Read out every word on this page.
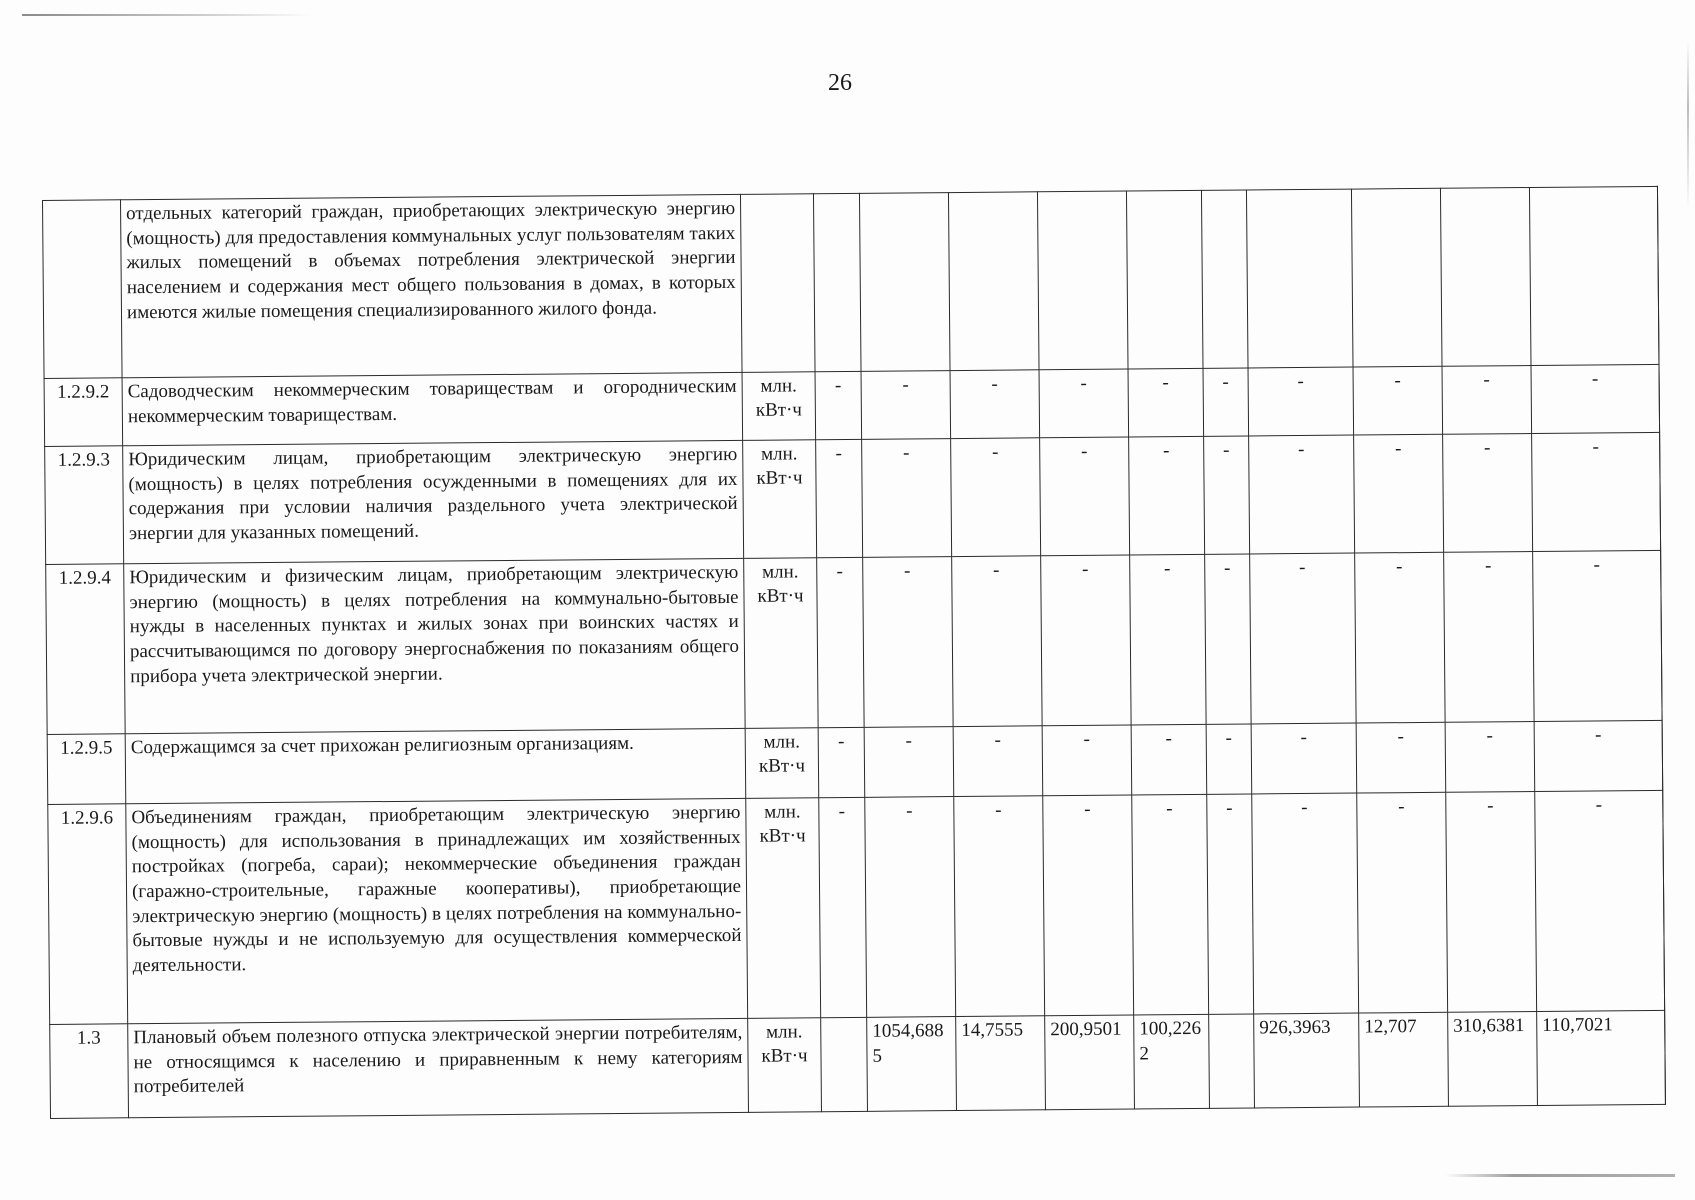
26
	отдельных категорий граждан, приобретающих электрическую энергию (мощность) для предоставления коммунальных услуг пользователям таких жилых помещений в объемах потребления электрической энергии населением и содержания мест общего пользования в домах, в которых имеются жилые помещения специализированного жилого фонда.												
1.2.9.2	Садоводческим некоммерческим товариществам и огородническим некоммерческим товариществам.	млн. кВт·ч	-	-	-	-	-	-	-	-	-	-	
1.2.9.3	Юридическим лицам, приобретающим электрическую энергию (мощность) в целях потребления осужденными в помещениях для их содержания при условии наличия раздельного учета электрической энергии для указанных помещений.	млн. кВт·ч	-	-	-	-	-	-	-	-	-	-	
1.2.9.4	Юридическим и физическим лицам, приобретающим электрическую энергию (мощность) в целях потребления на коммунально-бытовые нужды в населенных пунктах и жилых зонах при воинских частях и рассчитывающимся по договору энергоснабжения по показаниям общего прибора учета электрической энергии.	млн. кВт·ч	-	-	-	-	-	-	-	-	-	-	
1.2.9.5	Содержащимся за счет прихожан религиозным организациям.	млн. кВт·ч	-	-	-	-	-	-	-	-	-	-	
1.2.9.6	Объединениям граждан, приобретающим электрическую энергию (мощность) для использования в принадлежащих им хозяйственных постройках (погреба, сараи); некоммерческие объединения граждан (гаражно-строительные, гаражные кооперативы), приобретающие электрическую энергию (мощность) в целях потребления на коммунально-бытовые нужды и не используемую для осуществления коммерческой деятельности.	млн. кВт·ч	-	-	-	-	-	-	-	-	-	-	
1.3	Плановый объем полезного отпуска электрической энергии потребителям, не относящимся к населению и приравненным к нему категориям потребителей	млн. кВт·ч		1054,6885	14,7555	200,9501	100,2262		926,3963	12,707	310,6381	110,7021	
